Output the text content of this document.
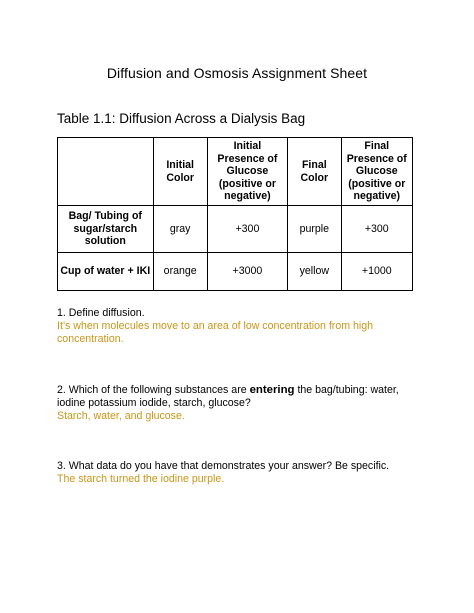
Diffusion and Osmosis Assignment Sheet
Table 1.1: Diffusion Across a Dialysis Bag
	Initial Color	Initial Presence of Glucose (positive or negative)	Final Color	Final Presence of Glucose (positive or negative)
Bag/ Tubing of sugar/starch solution	gray	+300	purple	+300
Cup of water + IKI	orange	+3000	yellow	+1000
1. Define diffusion.
It’s when molecules move to an area of low concentration from high concentration.
2. Which of the following substances are entering the bag/tubing: water, iodine potassium iodide, starch, glucose?
Starch, water, and glucose.
3. What data do you have that demonstrates your answer? Be specific.
The starch turned the iodine purple.
